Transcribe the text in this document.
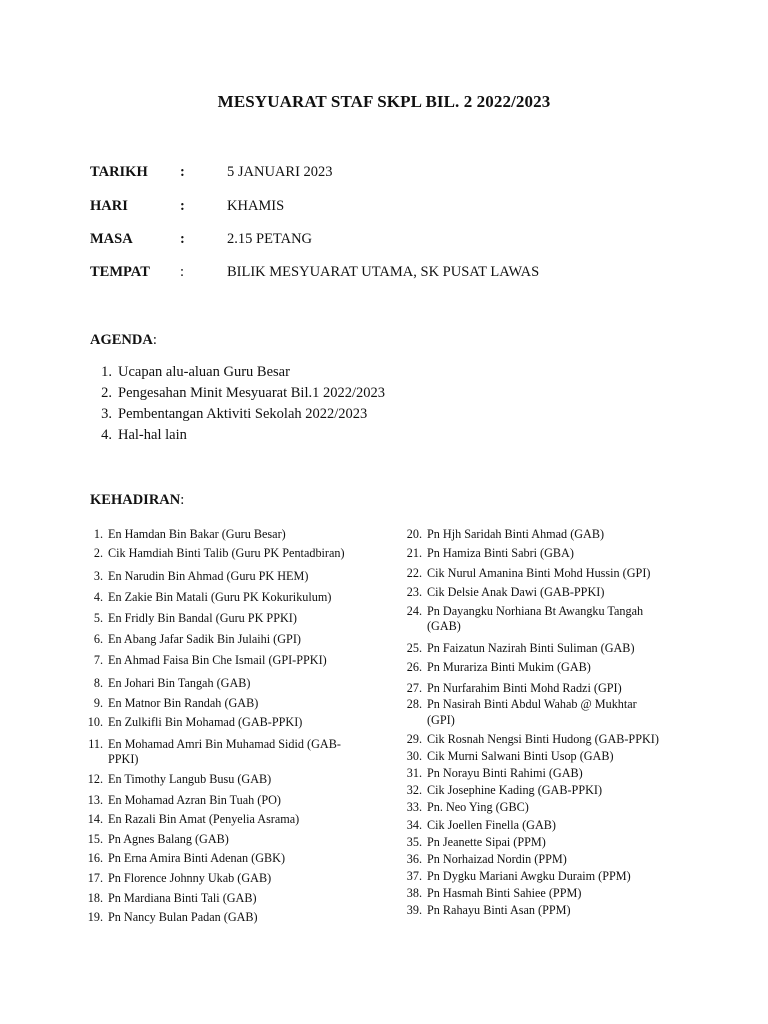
MESYUARAT STAF SKPL BIL. 2 2022/2023
TARIKH :	5 JANUARI 2023
HARI	:	KHAMIS
MASA	:	2.15 PETANG
TEMPAT :	BILIK MESYUARAT UTAMA, SK PUSAT LAWAS
AGENDA:
1. Ucapan alu-aluan Guru Besar
2. Pengesahan Minit Mesyuarat Bil.1 2022/2023
3. Pembentangan Aktiviti Sekolah 2022/2023
4. Hal-hal lain
KEHADIRAN:
1. En Hamdan Bin Bakar (Guru Besar)
2. Cik Hamdiah Binti Talib (Guru PK Pentadbiran)
3. En Narudin Bin Ahmad (Guru PK HEM)
4. En Zakie Bin Matali (Guru PK Kokurikulum)
5. En Fridly Bin Bandal (Guru PK PPKI)
6. En Abang Jafar Sadik Bin Julaihi (GPI)
7. En Ahmad Faisa Bin Che Ismail (GPI-PPKI)
8. En Johari Bin Tangah (GAB)
9. En Matnor Bin Randah (GAB)
10. En Zulkifli Bin Mohamad (GAB-PPKI)
11. En Mohamad Amri Bin Muhamad Sidid (GAB-
PPKI)
12. En Timothy Langub Busu (GAB)
13. En Mohamad Azran Bin Tuah (PO)
14. En Razali Bin Amat (Penyelia Asrama)
15. Pn Agnes Balang (GAB)
16. Pn Erna Amira Binti Adenan (GBK)
17. Pn Florence Johnny Ukab (GAB)
18. Pn Mardiana Binti Tali (GAB)
19. Pn Nancy Bulan Padan (GAB)
20. Pn Hjh Saridah Binti Ahmad (GAB)
21. Pn Hamiza Binti Sabri (GBA)
22. Cik Nurul Amanina Binti Mohd Hussin (GPI)
23. Cik Delsie Anak Dawi (GAB-PPKI)
24. Pn Dayangku Norhiana Bt Awangku Tangah
(GAB)
25. Pn Faizatun Nazirah Binti Suliman (GAB)
26. Pn Murariza Binti Mukim (GAB)
27. Pn Nurfarahim Binti Mohd Radzi (GPI)
28. Pn Nasirah Binti Abdul Wahab @ Mukhtar
(GPI)
29. Cik Rosnah Nengsi Binti Hudong (GAB-PPKI)
30. Cik Murni Salwani Binti Usop (GAB)
31. Pn Norayu Binti Rahimi (GAB)
32. Cik Josephine Kading (GAB-PPKI)
33. Pn. Neo Ying (GBC)
34. Cik Joellen Finella (GAB)
35. Pn Jeanette Sipai (PPM)
36. Pn Norhaizad Nordin (PPM)
37. Pn Dygku Mariani Awgku Duraim (PPM)
38. Pn Hasmah Binti Sahiee (PPM)
39. Pn Rahayu Binti Asan (PPM)
